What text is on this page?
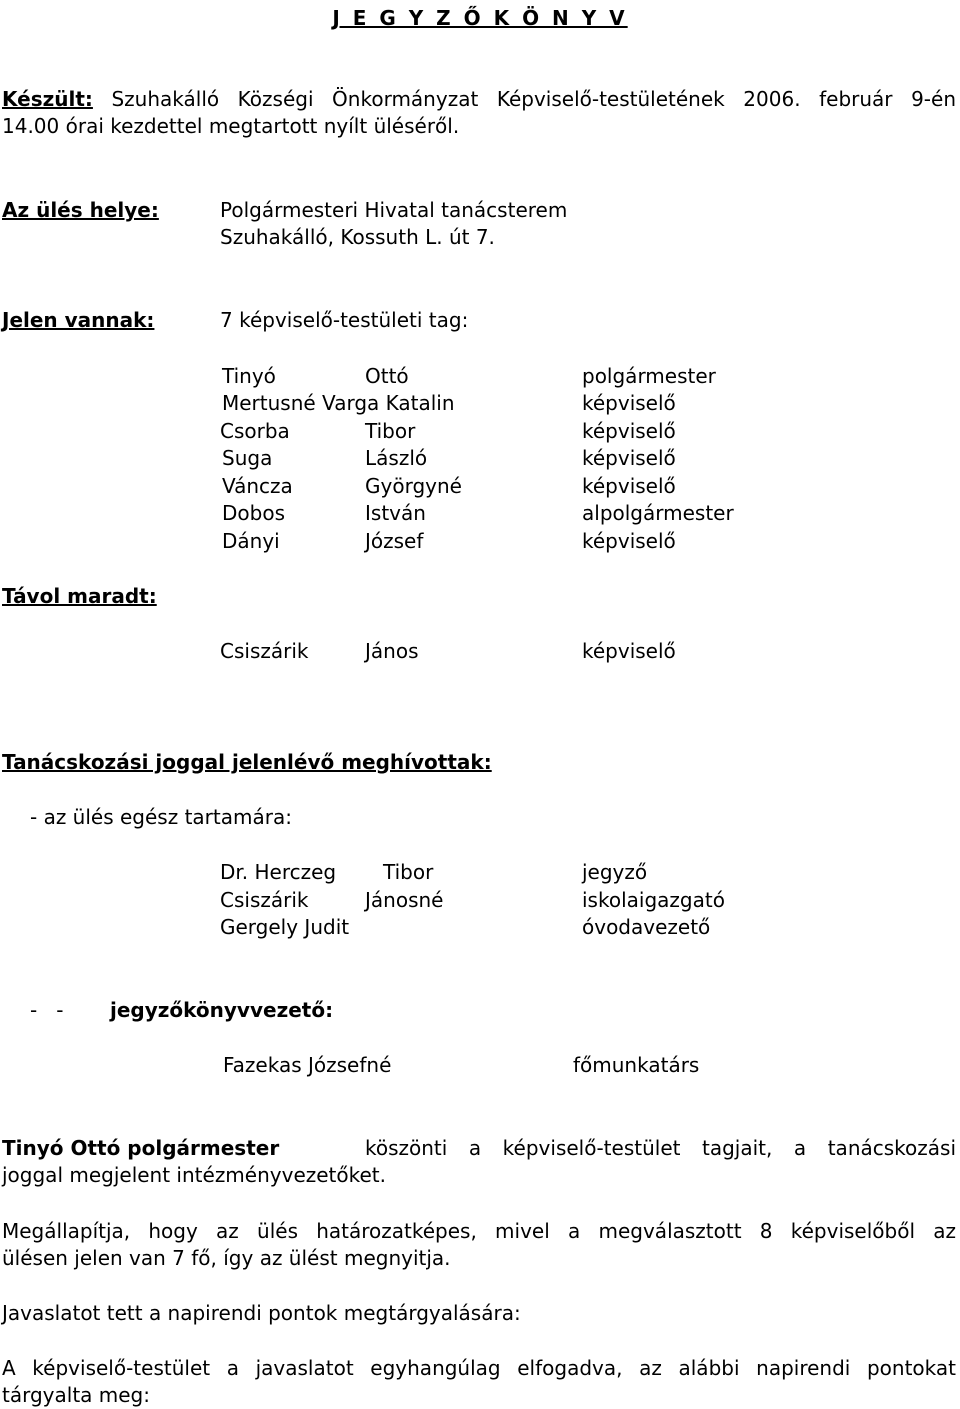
J E G Y Z Ő K Ö N Y V
Készült: Szuhakálló Községi Önkormányzat Képviselő-testületének 2006. február 9-én
14.00 órai kezdettel megtartott nyílt üléséről.
Az ülés helye:	Polgármesteri Hivatal tanácsterem
Szuhakálló, Kossuth L. út 7.
Jelen vannak:	7 képviselő-testületi tag:
Tinyó	Ottó	polgármester
Mertusné Varga Katalin	képviselő
Csorba	Tibor	képviselő
Suga	László	képviselő
Váncza	Györgyné	képviselő
Dobos	István	alpolgármester
Dányi	József	képviselő
Távol maradt:
Csiszárik	János	képviselő
Tanácskozási joggal jelenlévő meghívottak:
- az ülés egész tartamára:
Dr. Herczeg Tibor	jegyző
Csiszárik	Jánosné	iskolaigazgató
Gergely Judit	óvodavezető
-   - jegyzőkönyvvezető:
Fazekas Józsefné	főmunkatárs
Tinyó Ottó polgármester	köszönti a képviselő-testület tagjait, a tanácskozási
joggal megjelent intézményvezetőket.
Megállapítja, hogy az ülés határozatképes, mivel a megválasztott 8 képviselőből az
ülésen jelen van 7 fő, így az ülést megnyitja.
Javaslatot tett a napirendi pontok megtárgyalására:
A képviselő-testület a javaslatot egyhangúlag elfogadva, az alábbi napirendi pontokat
tárgyalta meg:
